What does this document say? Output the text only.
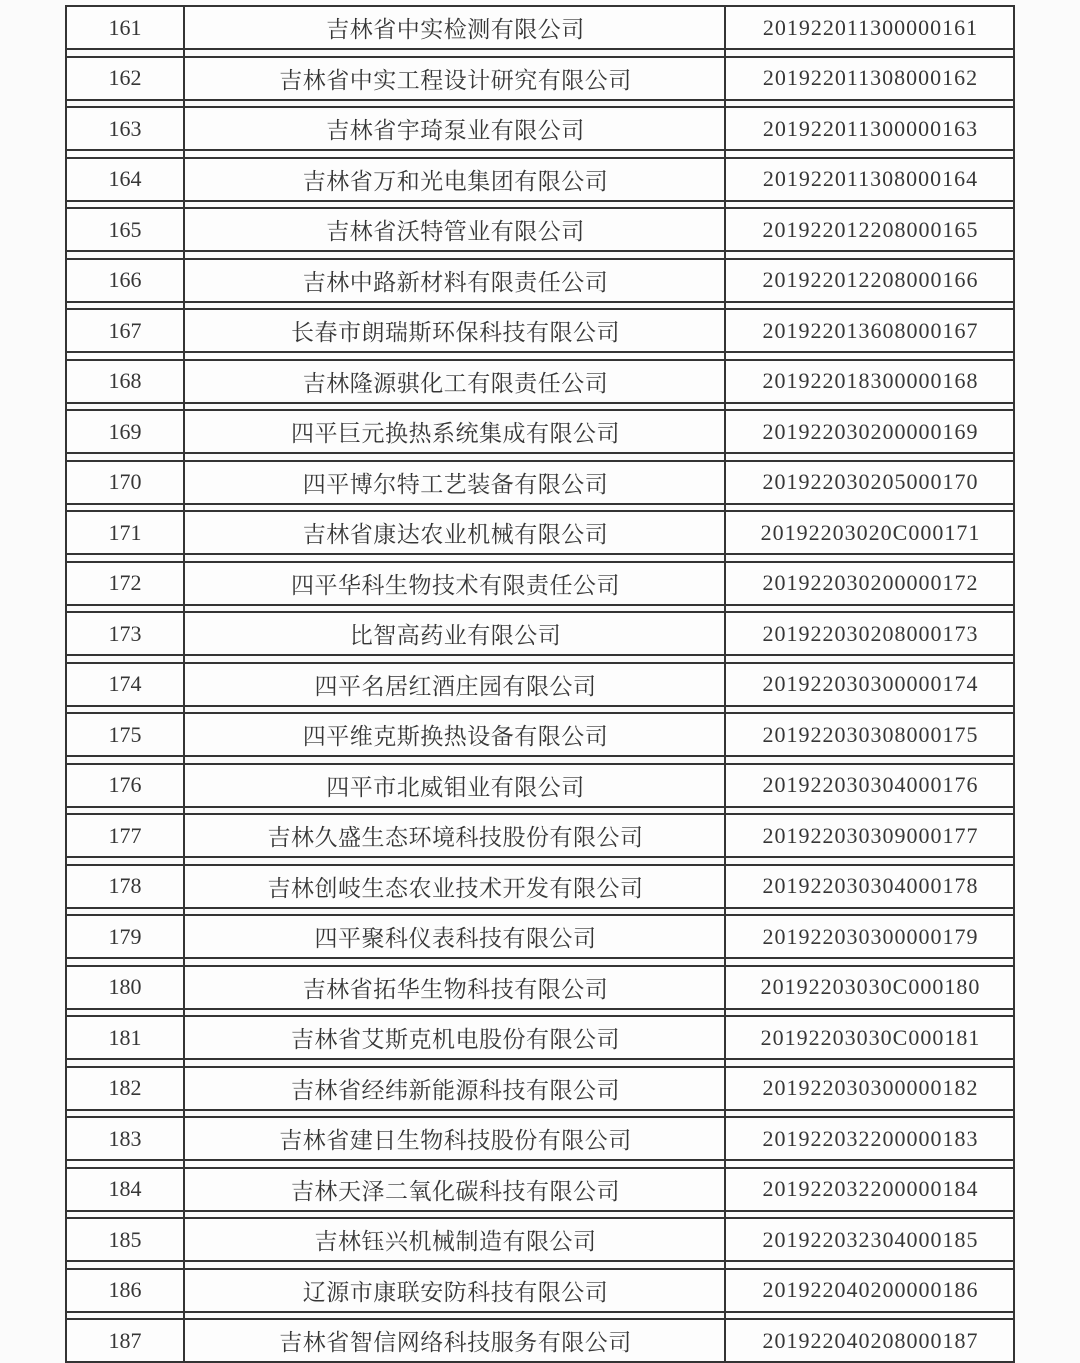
161	吉林省中实检测有限公司	201922011300000161
162	吉林省中实工程设计研究有限公司	201922011308000162
163	吉林省宇琦泵业有限公司	201922011300000163
164	吉林省万和光电集团有限公司	201922011308000164
165	吉林省沃特管业有限公司	201922012208000165
166	吉林中路新材料有限责任公司	201922012208000166
167	长春市朗瑞斯环保科技有限公司	201922013608000167
168	吉林隆源骐化工有限责任公司	201922018300000168
169	四平巨元换热系统集成有限公司	201922030200000169
170	四平博尔特工艺装备有限公司	201922030205000170
171	吉林省康达农业机械有限公司	20192203020C000171
172	四平华科生物技术有限责任公司	201922030200000172
173	比智高药业有限公司	201922030208000173
174	四平名居红酒庄园有限公司	201922030300000174
175	四平维克斯换热设备有限公司	201922030308000175
176	四平市北威钼业有限公司	201922030304000176
177	吉林久盛生态环境科技股份有限公司	201922030309000177
178	吉林创岐生态农业技术开发有限公司	201922030304000178
179	四平聚科仪表科技有限公司	201922030300000179
180	吉林省拓华生物科技有限公司	20192203030C000180
181	吉林省艾斯克机电股份有限公司	20192203030C000181
182	吉林省经纬新能源科技有限公司	201922030300000182
183	吉林省建日生物科技股份有限公司	201922032200000183
184	吉林天泽二氧化碳科技有限公司	201922032200000184
185	吉林钰兴机械制造有限公司	201922032304000185
186	辽源市康联安防科技有限公司	201922040200000186
187	吉林省智信网络科技服务有限公司	201922040208000187
